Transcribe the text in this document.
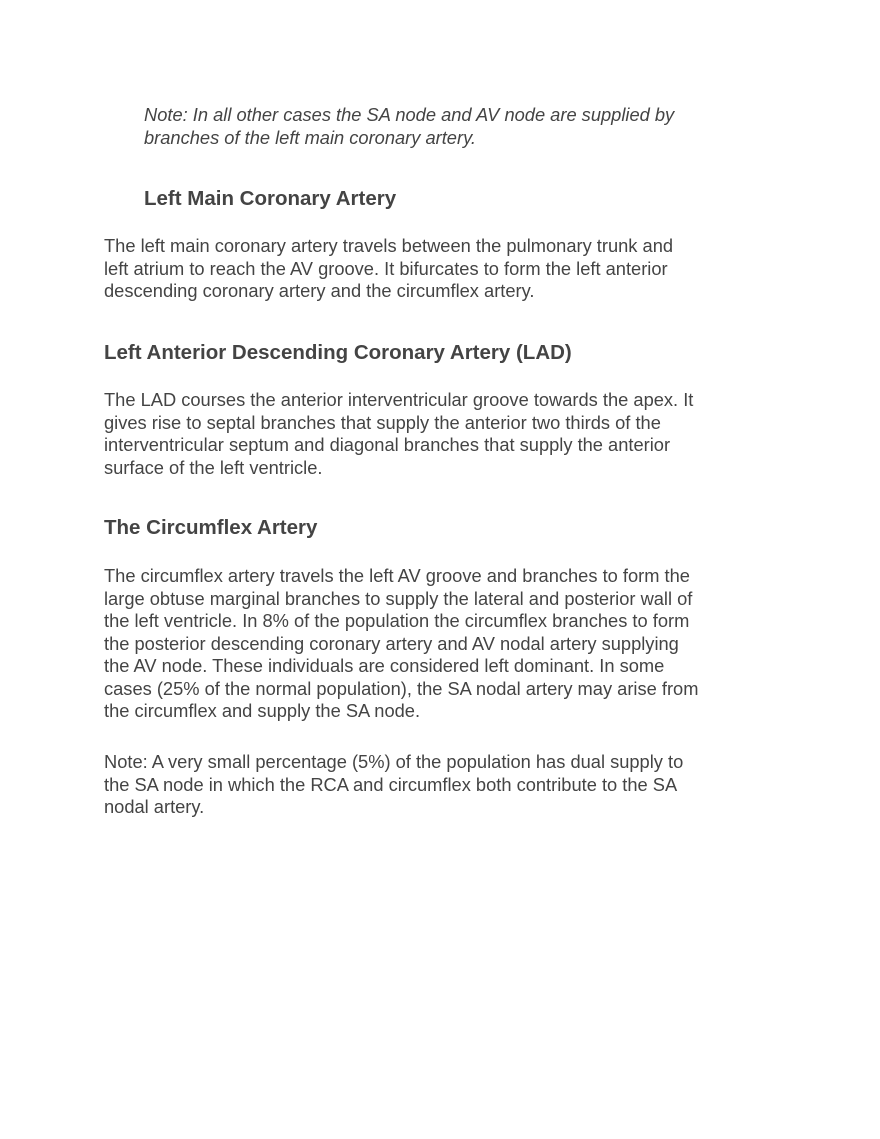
Note: In all other cases the SA node and AV node are supplied by
branches of the left main coronary artery.
Left Main Coronary Artery
The left main coronary artery travels between the pulmonary trunk and
left atrium to reach the AV groove. It bifurcates to form the left anterior
descending coronary artery and the circumflex artery.
Left Anterior Descending Coronary Artery (LAD)
The LAD courses the anterior interventricular groove towards the apex. It
gives rise to septal branches that supply the anterior two thirds of the
interventricular septum and diagonal branches that supply the anterior
surface of the left ventricle.
The Circumflex Artery
The circumflex artery travels the left AV groove and branches to form the
large obtuse marginal branches to supply the lateral and posterior wall of
the left ventricle. In 8% of the population the circumflex branches to form
the posterior descending coronary artery and AV nodal artery supplying
the AV node. These individuals are considered left dominant. In some
cases (25% of the normal population), the SA nodal artery may arise from
the circumflex and supply the SA node.
Note: A very small percentage (5%) of the population has dual supply to
the SA node in which the RCA and circumflex both contribute to the SA
nodal artery.
